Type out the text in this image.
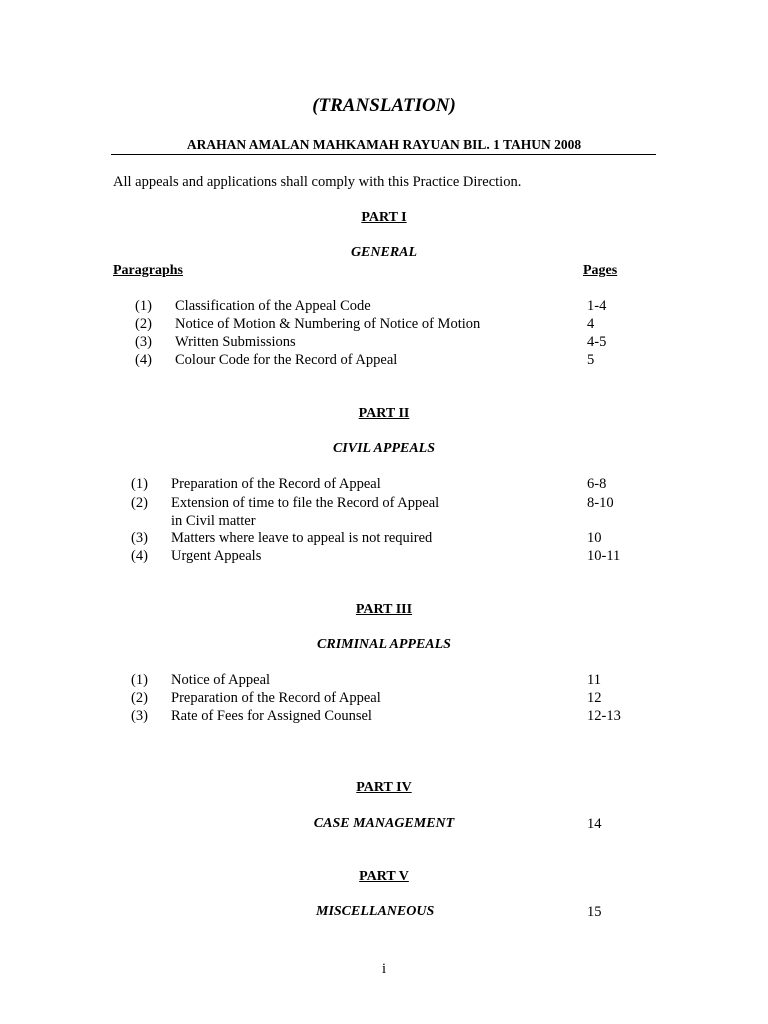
(TRANSLATION)
ARAHAN AMALAN MAHKAMAH RAYUAN BIL. 1 TAHUN 2008
All appeals and applications shall comply with this Practice Direction.
PART I
GENERAL
Paragraphs	Pages
(1) Classification of the Appeal Code	1-4
(2) Notice of Motion & Numbering of Notice of Motion	4
(3) Written Submissions	4-5
(4) Colour Code for the Record of Appeal	5
PART II
CIVIL APPEALS
(1) Preparation of the Record of Appeal	6-8
(2) Extension of time to file the Record of Appeal	8-10
in Civil matter
(3) Matters where leave to appeal is not required	10
(4) Urgent Appeals	10-11
PART III
CRIMINAL APPEALS
(1) Notice of Appeal	11
(2) Preparation of the Record of Appeal	12
(3) Rate of Fees for Assigned Counsel	12-13
PART IV
CASE MANAGEMENT	14
PART V
MISCELLANEOUS	15
i
